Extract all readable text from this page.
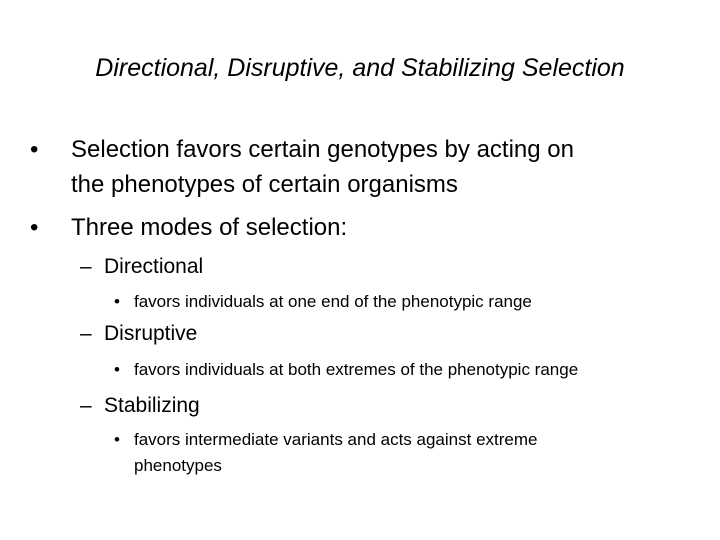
Directional, Disruptive, and Stabilizing Selection
• Selection favors certain genotypes by acting on
the phenotypes of certain organisms
• Three modes of selection:
– Directional
• favors individuals at one end of the phenotypic range
– Disruptive
• favors individuals at both extremes of the phenotypic range
– Stabilizing
• favors intermediate variants and acts against extreme
phenotypes
